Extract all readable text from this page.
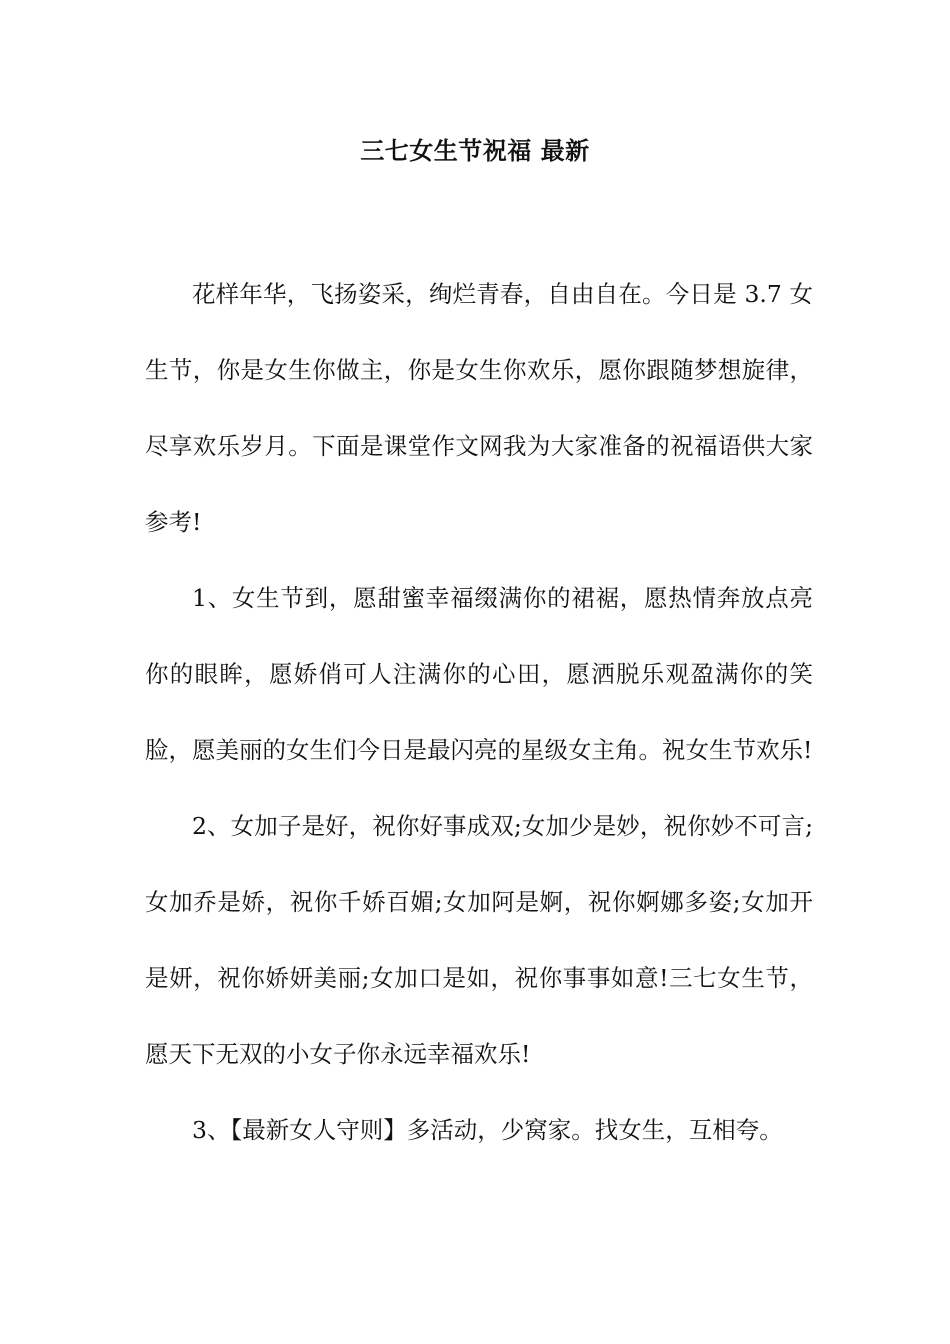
三七女生节祝福 最新

花样年华，飞扬姿采，绚烂青春，自由自在。今日是 3.7 女生节，你是女生你做主，你是女生你欢乐，愿你跟随梦想旋律，尽享欢乐岁月。下面是课堂作文网我为大家准备的祝福语供大家参考!

1、女生节到，愿甜蜜幸福缀满你的裙裾，愿热情奔放点亮你的眼眸，愿娇俏可人注满你的心田，愿洒脱乐观盈满你的笑脸，愿美丽的女生们今日是最闪亮的星级女主角。祝女生节欢乐!

2、女加子是好，祝你好事成双;女加少是妙，祝你妙不可言;女加乔是娇，祝你千娇百媚;女加阿是婀，祝你婀娜多姿;女加开是妍，祝你娇妍美丽;女加口是如，祝你事事如意!三七女生节，愿天下无双的小女子你永远幸福欢乐!

3、【最新女人守则】多活动，少窝家。找女生，互相夸。
